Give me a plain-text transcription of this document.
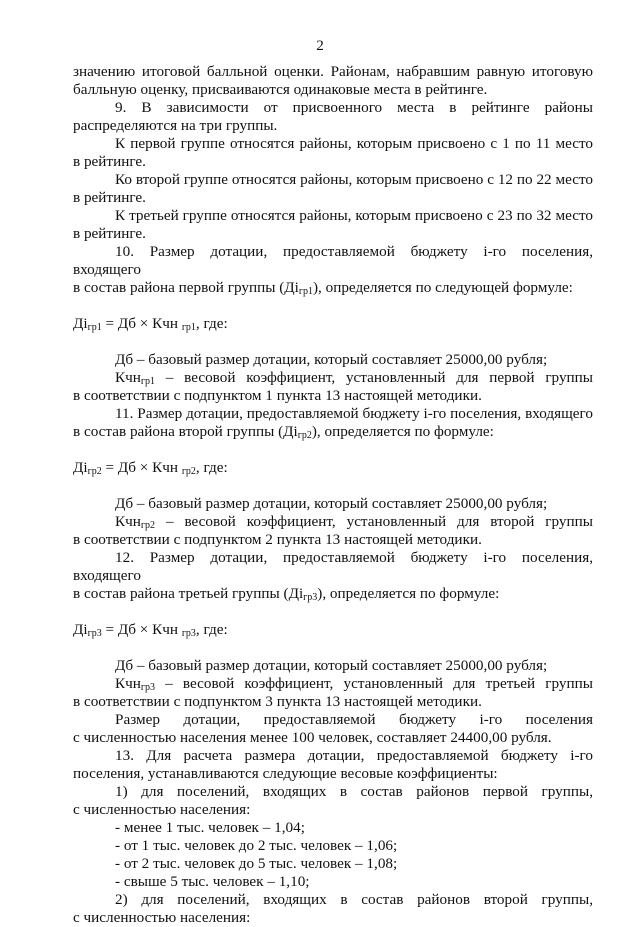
2

значению итоговой балльной оценки. Районам, набравшим равную итоговую

балльную оценку, присваиваются одинаковые места в рейтинге.

9. В зависимости от присвоенного места в рейтинге районы

распределяются на три группы.

К первой группе относятся районы, которым присвоено с 1 по 11 место

в рейтинге.

Ко второй группе относятся районы, которым присвоено с 12 по 22 место

в рейтинге.

К третьей группе относятся районы, которым присвоено с 23 по 32 место

в рейтинге.

10. Размер дотации, предоставляемой бюджету i-го поселения, входящего

в состав района первой группы $(Дi_{гр1})$, определяется по следующей формуле:

$Дi_{гр1}$ = Дб × Кчн $_{гр1}$, где:

Дб – базовый размер дотации, который составляет 25000,00 рубля;

Кчн$_{гр1}$ – весовой коэффициент, установленный для первой группы

в соответствии с подпунктом 1 пункта 13 настоящей методики.

11. Размер дотации, предоставляемой бюджету i-го поселения, входящего

в состав района второй группы $(Дi_{гр2})$, определяется по формуле:

$Дi_{гр2}$ = Дб × Кчн $_{гр2}$, где:

Дб – базовый размер дотации, который составляет 25000,00 рубля;

Кчн$_{гр2}$ – весовой коэффициент, установленный для второй группы

в соответствии с подпунктом 2 пункта 13 настоящей методики.

12. Размер дотации, предоставляемой бюджету i-го поселения, входящего

в состав района третьей группы $(Дi_{гр3})$, определяется по формуле:

$Дi_{гр3}$ = Дб × Кчн $_{гр3}$, где:

Дб – базовый размер дотации, который составляет 25000,00 рубля;

Кчн$_{гр3}$ – весовой коэффициент, установленный для третьей группы

в соответствии с подпунктом 3 пункта 13 настоящей методики.

Размер дотации, предоставляемой бюджету i-го поселения

с численностью населения менее 100 человек, составляет 24400,00 рубля.

13. Для расчета размера дотации, предоставляемой бюджету i-го

поселения, устанавливаются следующие весовые коэффициенты:

1) для поселений, входящих в состав районов первой группы,

с численностью населения:

- менее 1 тыс. человек – 1,04;

- от 1 тыс. человек до 2 тыс. человек – 1,06;

- от 2 тыс. человек до 5 тыс. человек – 1,08;

- свыше 5 тыс. человек – 1,10;

2) для поселений, входящих в состав районов второй группы,

с численностью населения:
